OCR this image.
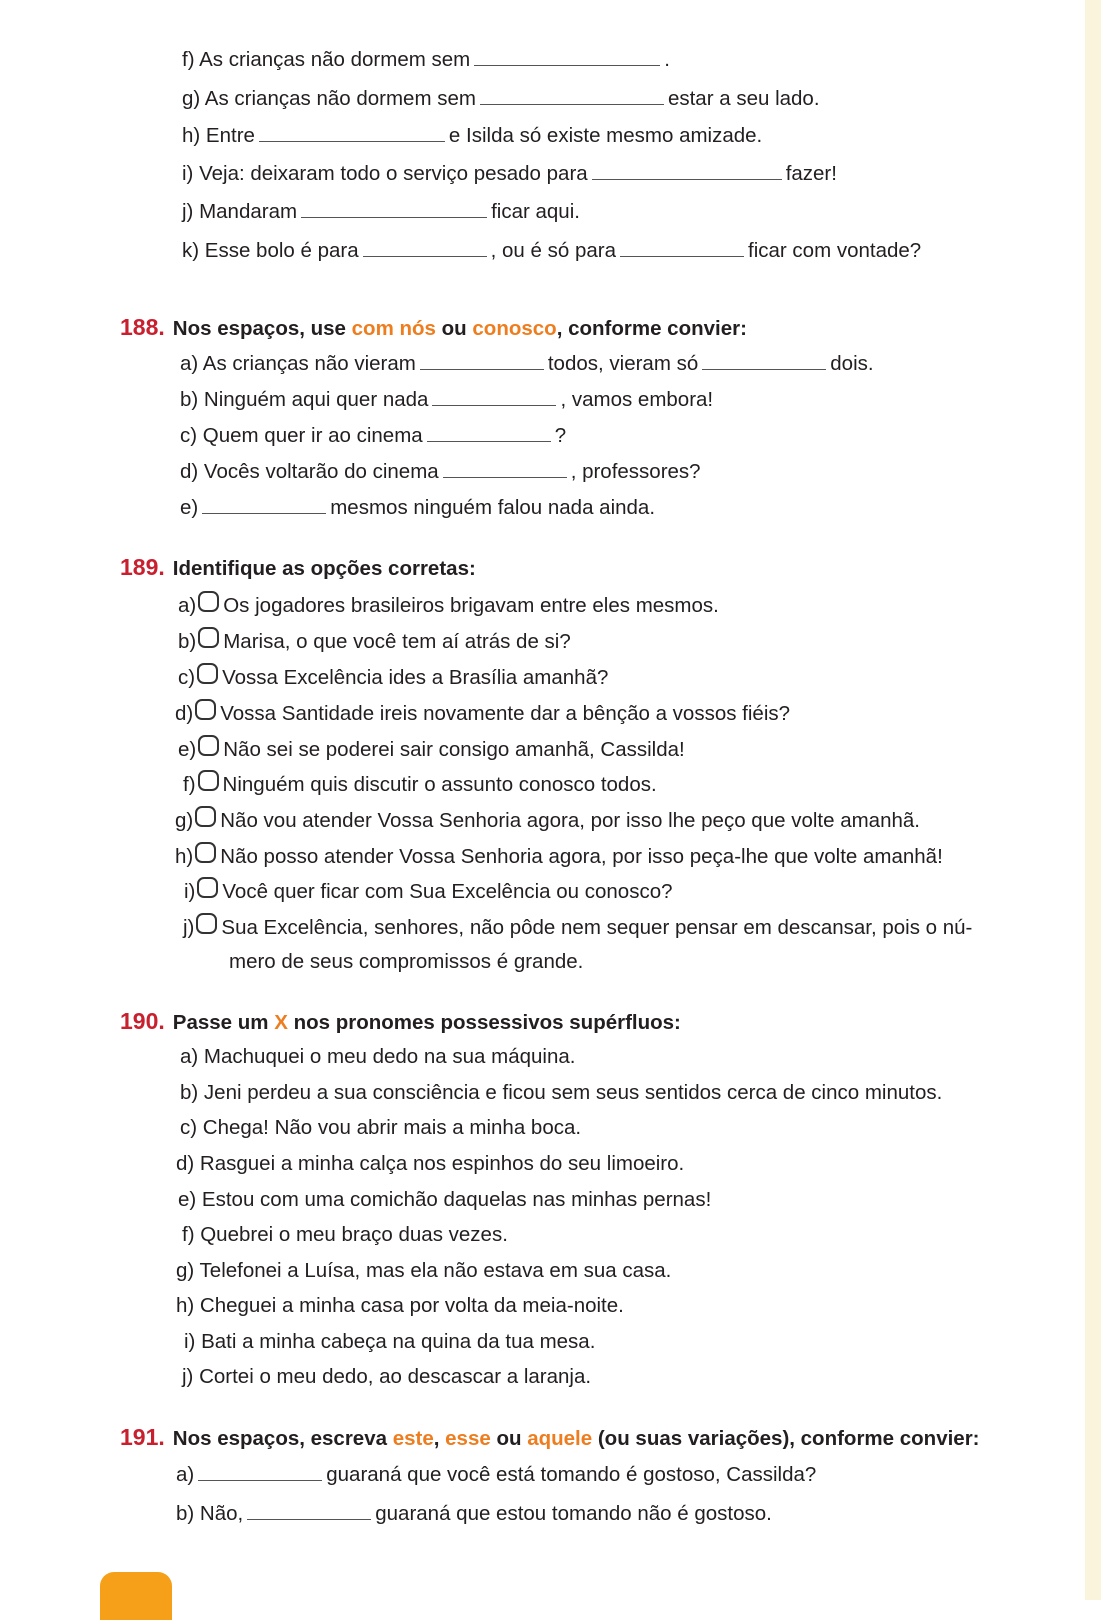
f) As crianças não dormem sem	.
g) As crianças não dormem sem	estar a seu lado.
h) Entre	e Isilda só existe mesmo amizade.
i) Veja: deixaram todo o serviço pesado para	fazer!
j) Mandaram	ficar aqui.
k) Esse bolo é para	, ou é só para	ficar com vontade?
188. Nos espaços, use com nós ou conosco, conforme convier:
a) As crianças não vieram	todos, vieram só	dois.
b) Ninguém aqui quer nada	, vamos embora!
c) Quem quer ir ao cinema	?
d) Vocês voltarão do cinema	, professores?
e)	mesmos ninguém falou nada ainda.
189. Identifique as opções corretas:
a) Os jogadores brasileiros brigavam entre eles mesmos.
b) Marisa, o que você tem aí atrás de si?
c) Vossa Excelência ides a Brasília amanhã?
d) Vossa Santidade ireis novamente dar a bênção a vossos fiéis?
e) Não sei se poderei sair consigo amanhã, Cassilda!
f) Ninguém quis discutir o assunto conosco todos.
g) Não vou atender Vossa Senhoria agora, por isso lhe peço que volte amanhã.
h) Não posso atender Vossa Senhoria agora, por isso peça-lhe que volte amanhã!
i) Você quer ficar com Sua Excelência ou conosco?
j) Sua Excelência, senhores, não pôde nem sequer pensar em descansar, pois o nú-
mero de seus compromissos é grande.
190. Passe um X nos pronomes possessivos supérfluos:
a) Machuquei o meu dedo na sua máquina.
b) Jeni perdeu a sua consciência e ficou sem seus sentidos cerca de cinco minutos.
c) Chega! Não vou abrir mais a minha boca.
d) Rasguei a minha calça nos espinhos do seu limoeiro.
e) Estou com uma comichão daquelas nas minhas pernas!
f) Quebrei o meu braço duas vezes.
g) Telefonei a Luísa, mas ela não estava em sua casa.
h) Cheguei a minha casa por volta da meia-noite.
i) Bati a minha cabeça na quina da tua mesa.
j) Cortei o meu dedo, ao descascar a laranja.
191. Nos espaços, escreva este, esse ou aquele (ou suas variações), conforme convier:
a)	guaraná que você está tomando é gostoso, Cassilda?
b) Não,	guaraná que estou tomando não é gostoso.
